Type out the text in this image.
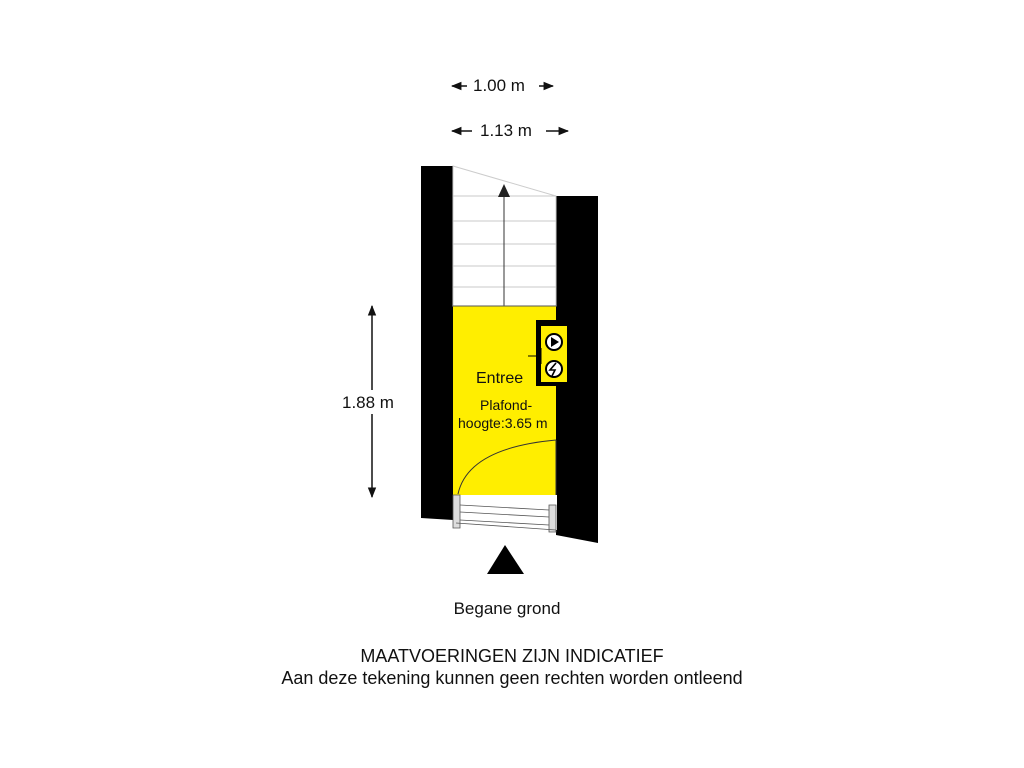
1.00 m
1.13 m
1.88 m
Entree
Plafond-
hoogte:3.65 m
Begane grond
MAATVOERINGEN ZIJN INDICATIEF
Aan deze tekening kunnen geen rechten worden ontleend
